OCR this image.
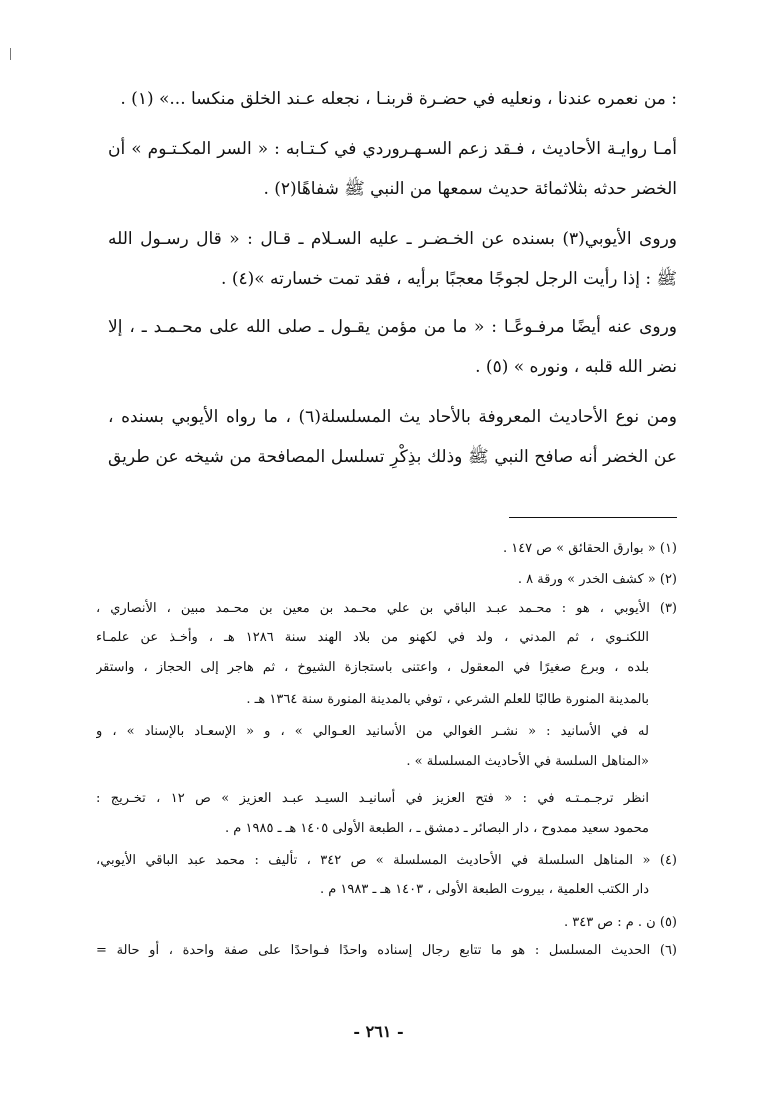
: من نعمره عندنا ، ونعليه في حضـرة قربنـا ، نجعله عـند الخلق منكسا ...» (١) .
أمـا روايـة الأحاديث ، فـقد زعم السـهـروردي في كـتـابه : « السر المكـتـوم » أن
الخضر حدثه بثلاثمائة حديث سمعها من النبي ﷺ شفاهًا(٢) .
وروى الأيوبي(٣) بسنده عن الخـضـر ـ عليه السـلام ـ قـال : « قال رسـول الله
ﷺ : إذا رأيت الرجل لجوجًا معجبًا برأيه ، فقد تمت خسارته »(٤) .
وروى عنه أيضًا مرفـوعًـا : « ما من مؤمن يقـول ـ صلى الله على محـمـد ـ ، إلا
نضر الله قلبه ، ونوره » (٥) .
ومن نوع الأحاديث المعروفة بالأحاد يث المسلسلة(٦) ، ما رواه الأيوبي بسنده ،
عن الخضر أنه صافح النبي ﷺ وذلك بذِكْرِ تسلسل المصافحة من شيخه عن طريق
(١) « بوارق الحقائق » ص ١٤٧ .
(٢) « كشف الخدر » ورقة ٨ .
(٣) الأيوبي ، هو : محـمد عبـد الباقي بن علي محـمد بن معين بن محـمد مبين ، الأنصاري ،
اللكنـوي ، ثم المدني ، ولد في لكهنو من بلاد الهند سنة ١٢٨٦ هـ ، وأخـذ عن علمـاء
بلده ، وبرع صغيرًا في المعقول ، واعتنى باستجازة الشيوخ ، ثم هاجر إلى الحجاز ، واستقر
بالمدينة المنورة طالبًا للعلم الشرعي ، توفي بالمدينة المنورة سنة ١٣٦٤ هـ .
له في الأسانيد : « نشـر الغوالي من الأسانيد العـوالي » ، و « الإسعـاد بالإسناد » ، و
«المناهل السلسة في الأحاديث المسلسلة » .
انظر ترجـمـتـه في : « فتح العزيز في أسانيـد السيـد عبـد العزيز » ص ١٢ ، تخـريج :
محمود سعيد ممدوح ، دار البصائر ـ دمشق ـ ، الطبعة الأولى ١٤٠٥ هـ ـ ١٩٨٥ م .
(٤) « المناهل السلسلة في الأحاديث المسلسلة » ص ٣٤٢ ، تأليف : محمد عبد الباقي الأيوبي،
دار الكتب العلمية ، بيروت الطبعة الأولى ، ١٤٠٣ هـ ـ ١٩٨٣ م .
(٥) ن . م : ص ٣٤٣ .
(٦) الحديث المسلسل : هو ما تتابع رجال إسناده واحدًا فـواحدًا على صفة واحدة ، أو حالة =
- ٢٦١ -
